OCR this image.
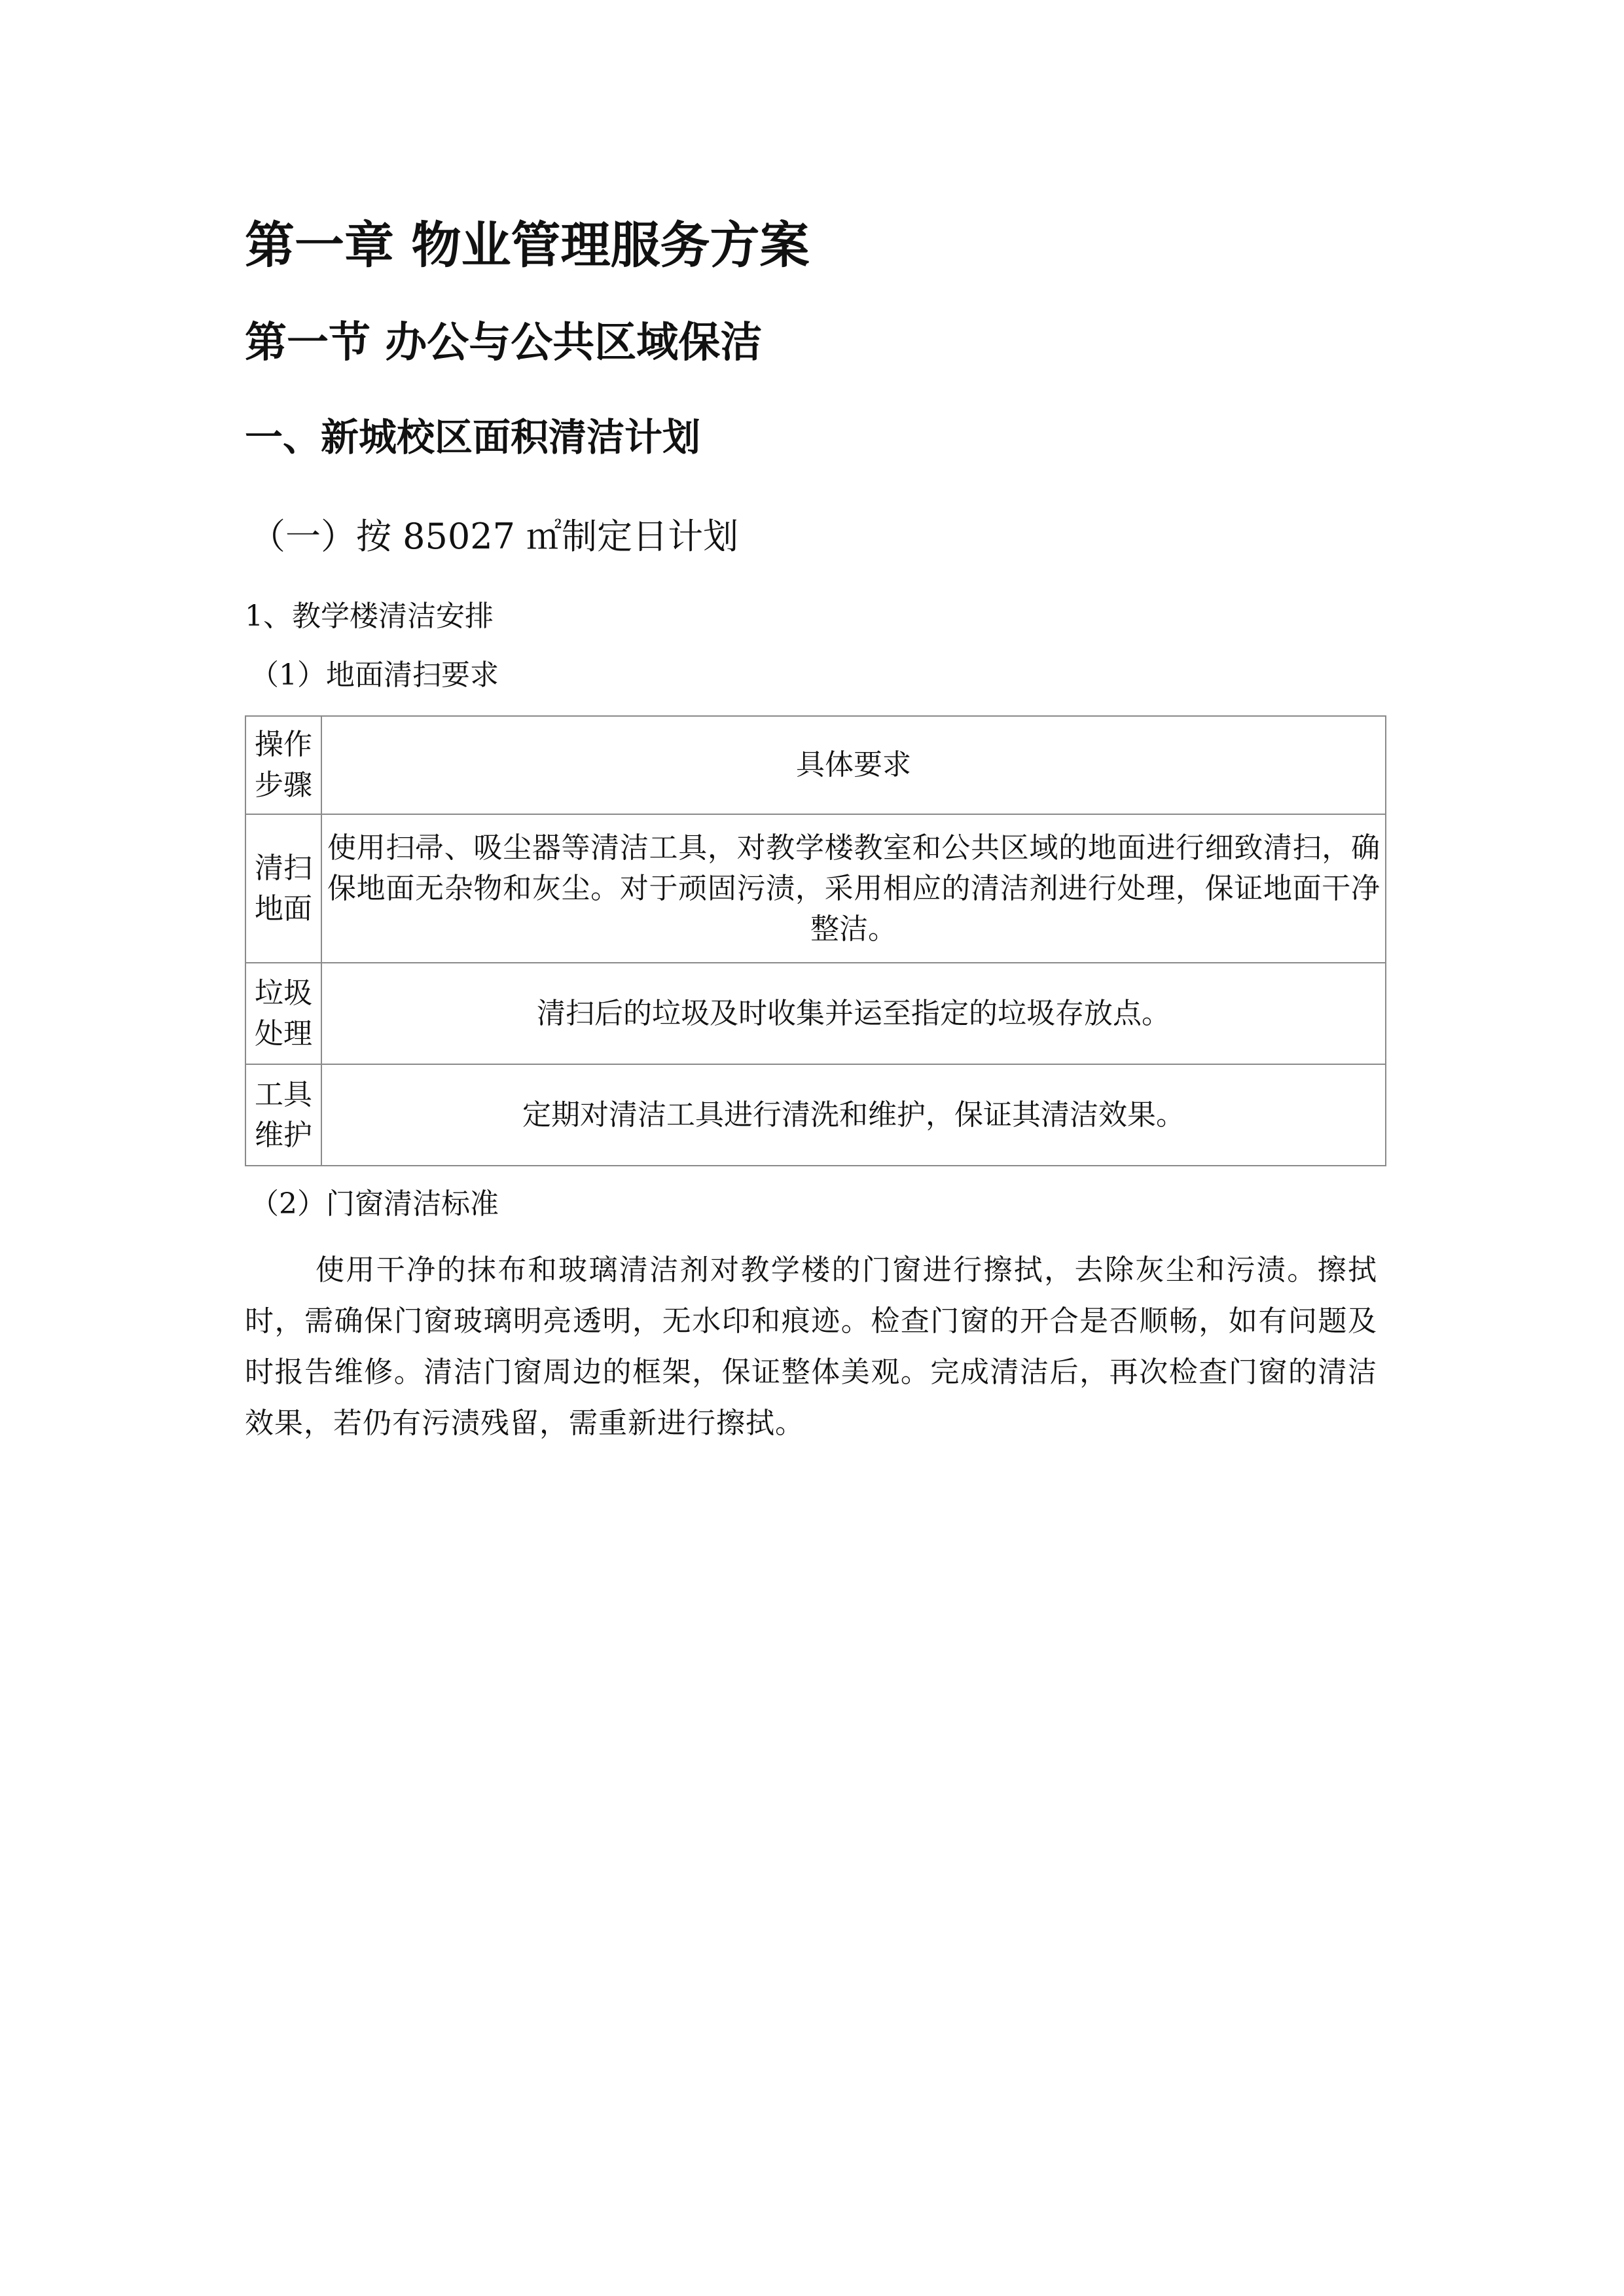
第一章 物业管理服务方案
第一节 办公与公共区域保洁
一、新城校区面积清洁计划

（一）按 85027 ㎡制定日计划

1、教学楼清洁安排

（1）地面清扫要求

操作步骤	具体要求
清扫地面	使用扫帚、吸尘器等清洁工具，对教学楼教室和公共区域的地面进行细致清扫，确保地面无杂物和灰尘。对于顽固污渍，采用相应的清洁剂进行处理，保证地面干净整洁。
垃圾处理	清扫后的垃圾及时收集并运至指定的垃圾存放点。
工具维护	定期对清洁工具进行清洗和维护，保证其清洁效果。

（2）门窗清洁标准

使用干净的抹布和玻璃清洁剂对教学楼的门窗进行擦拭，去除灰尘和污渍。擦拭时，需确保门窗玻璃明亮透明，无水印和痕迹。检查门窗的开合是否顺畅，如有问题及时报告维修。清洁门窗周边的框架，保证整体美观。完成清洁后，再次检查门窗的清洁效果，若仍有污渍残留，需重新进行擦拭。
